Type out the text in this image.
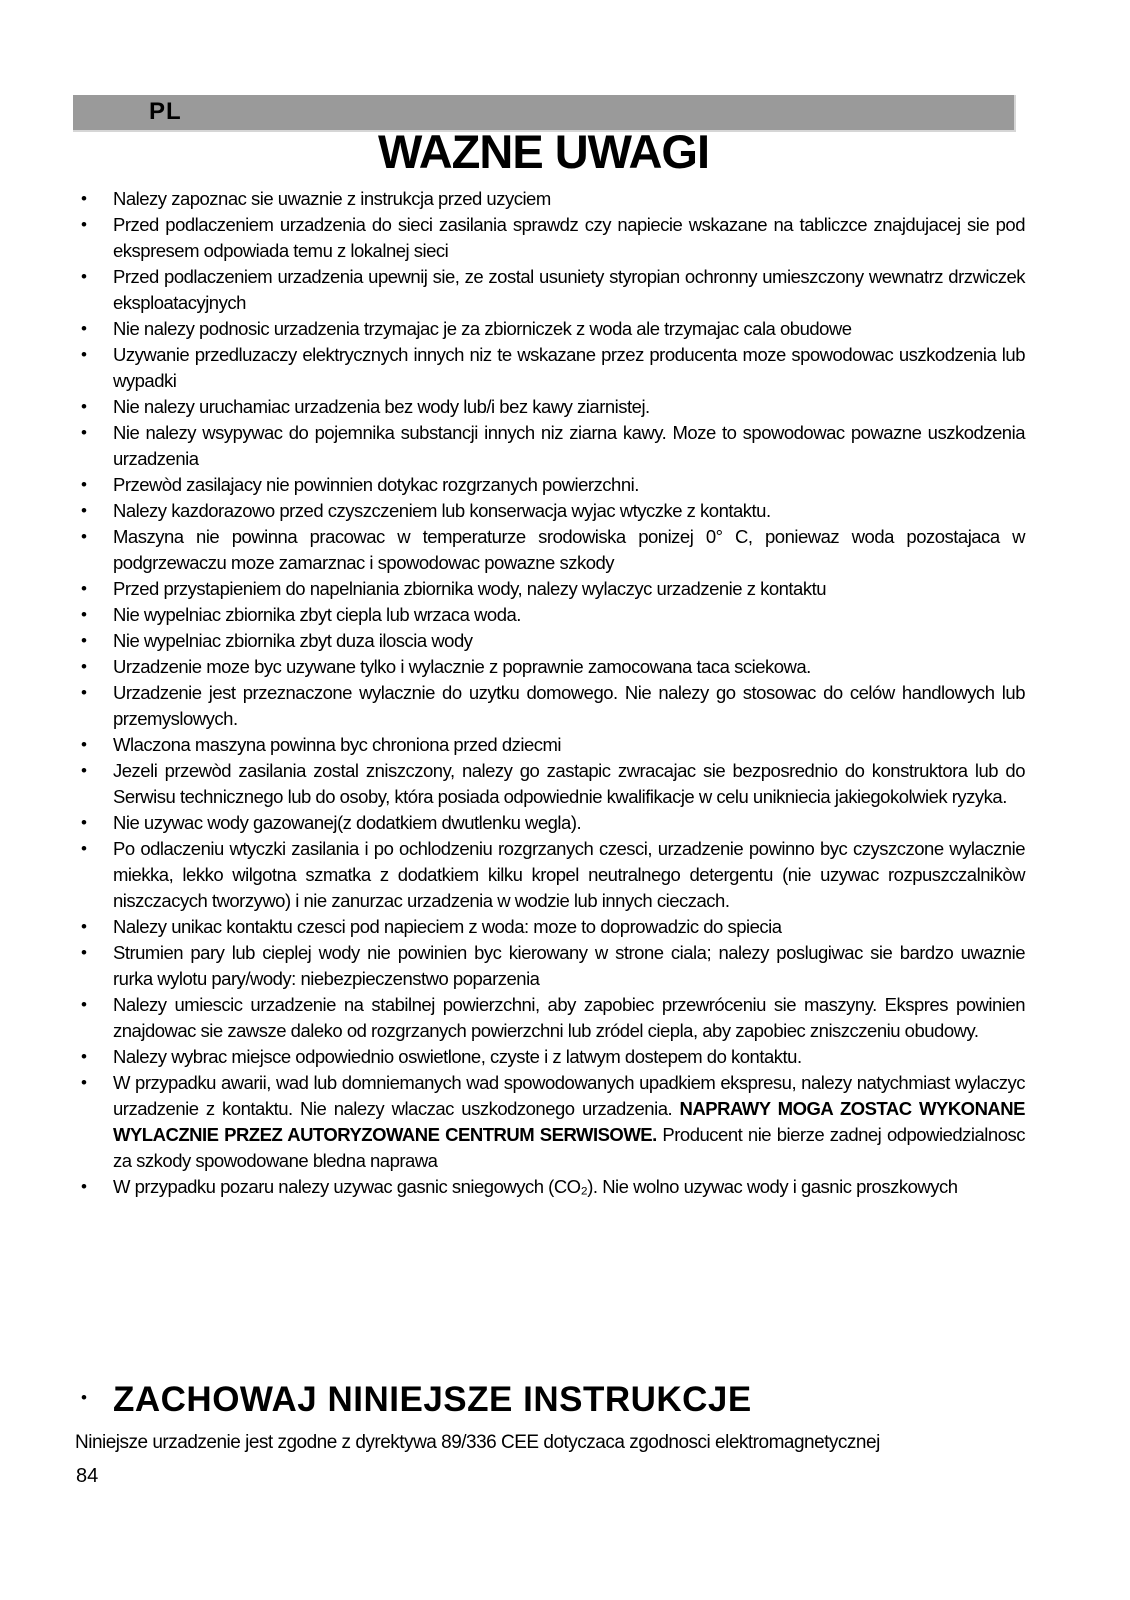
PL
WAZNE UWAGI
• Nalezy zapoznac sie uwaznie z instrukcja przed uzyciem
• Przed podlaczeniem urzadzenia do sieci zasilania sprawdz czy napiecie wskazane na tabliczce znajdujacej sie pod ekspresem odpowiada temu z lokalnej sieci
• Przed podlaczeniem urzadzenia upewnij sie, ze zostal usuniety styropian ochronny umieszczony wewnatrz drzwiczek eksploatacyjnych
• Nie nalezy podnosic urzadzenia trzymajac je za zbiorniczek z woda ale trzymajac cala obudowe
• Uzywanie przedluzaczy elektrycznych innych niz te wskazane przez producenta moze spowodowac uszkodzenia lub wypadki
• Nie nalezy uruchamiac urzadzenia bez wody lub/i bez kawy ziarnistej.
• Nie nalezy wsypywac do pojemnika substancji innych niz ziarna kawy. Moze to spowodowac powazne uszkodzenia urzadzenia
• Przewòd zasilajacy nie powinnien dotykac rozgrzanych powierzchni.
• Nalezy kazdorazowo przed czyszczeniem lub konserwacja wyjac wtyczke z kontaktu.
• Maszyna nie powinna pracowac w temperaturze srodowiska ponizej 0° C, poniewaz woda pozostajaca w podgrzewaczu moze zamarznac i spowodowac powazne szkody
• Przed przystapieniem do napelniania zbiornika wody, nalezy wylaczyc urzadzenie z kontaktu
• Nie wypelniac zbiornika zbyt ciepla lub wrzaca woda.
• Nie wypelniac zbiornika zbyt duza iloscia wody
• Urzadzenie moze byc uzywane tylko i wylacznie z poprawnie zamocowana taca sciekowa.
• Urzadzenie jest przeznaczone wylacznie do uzytku domowego. Nie nalezy go stosowac do celów handlowych lub przemyslowych.
• Wlaczona maszyna powinna byc chroniona przed dziecmi
• Jezeli przewòd zasilania zostal zniszczony, nalezy go zastapic zwracajac sie bezposrednio do konstruktora lub do Serwisu technicznego lub do osoby, która posiada odpowiednie kwalifikacje w celu unikniecia jakiegokolwiek ryzyka.
• Nie uzywac wody gazowanej(z dodatkiem dwutlenku wegla).
• Po odlaczeniu wtyczki zasilania i po ochlodzeniu rozgrzanych czesci, urzadzenie powinno byc czyszczone wylacznie miekka, lekko wilgotna szmatka z dodatkiem kilku kropel neutralnego detergentu (nie uzywac rozpuszczalnikòw niszczacych tworzywo) i nie zanurzac urzadzenia w wodzie lub innych cieczach.
• Nalezy unikac kontaktu czesci pod napieciem z woda: moze to doprowadzic do spiecia
• Strumien pary lub cieplej wody nie powinien byc kierowany w strone ciala; nalezy poslugiwac sie bardzo uwaznie rurka wylotu pary/wody: niebezpieczenstwo poparzenia
• Nalezy umiescic urzadzenie na stabilnej powierzchni, aby zapobiec przewróceniu sie maszyny. Ekspres powinien znajdowac sie zawsze daleko od rozgrzanych powierzchni lub zródel ciepla, aby zapobiec zniszczeniu obudowy.
• Nalezy wybrac miejsce odpowiednio oswietlone, czyste i z latwym dostepem do kontaktu.
• W przypadku awarii, wad lub domniemanych wad spowodowanych upadkiem ekspresu, nalezy natychmiast wylaczyc urzadzenie z kontaktu. Nie nalezy wlaczac uszkodzonego urzadzenia. NAPRAWY MOGA ZOSTAC WYKONANE WYLACZNIE PRZEZ AUTORYZOWANE CENTRUM SERWISOWE. Producent nie bierze zadnej odpowiedzialnosc za szkody spowodowane bledna naprawa
• W przypadku pozaru nalezy uzywac gasnic sniegowych (CO₂). Nie wolno uzywac wody i gasnic proszkowych
• ZACHOWAJ NINIEJSZE INSTRUKCJE

Niniejsze urzadzenie jest zgodne z dyrektywa 89/336 CEE dotyczaca zgodnosci elektromagnetycznej

84
